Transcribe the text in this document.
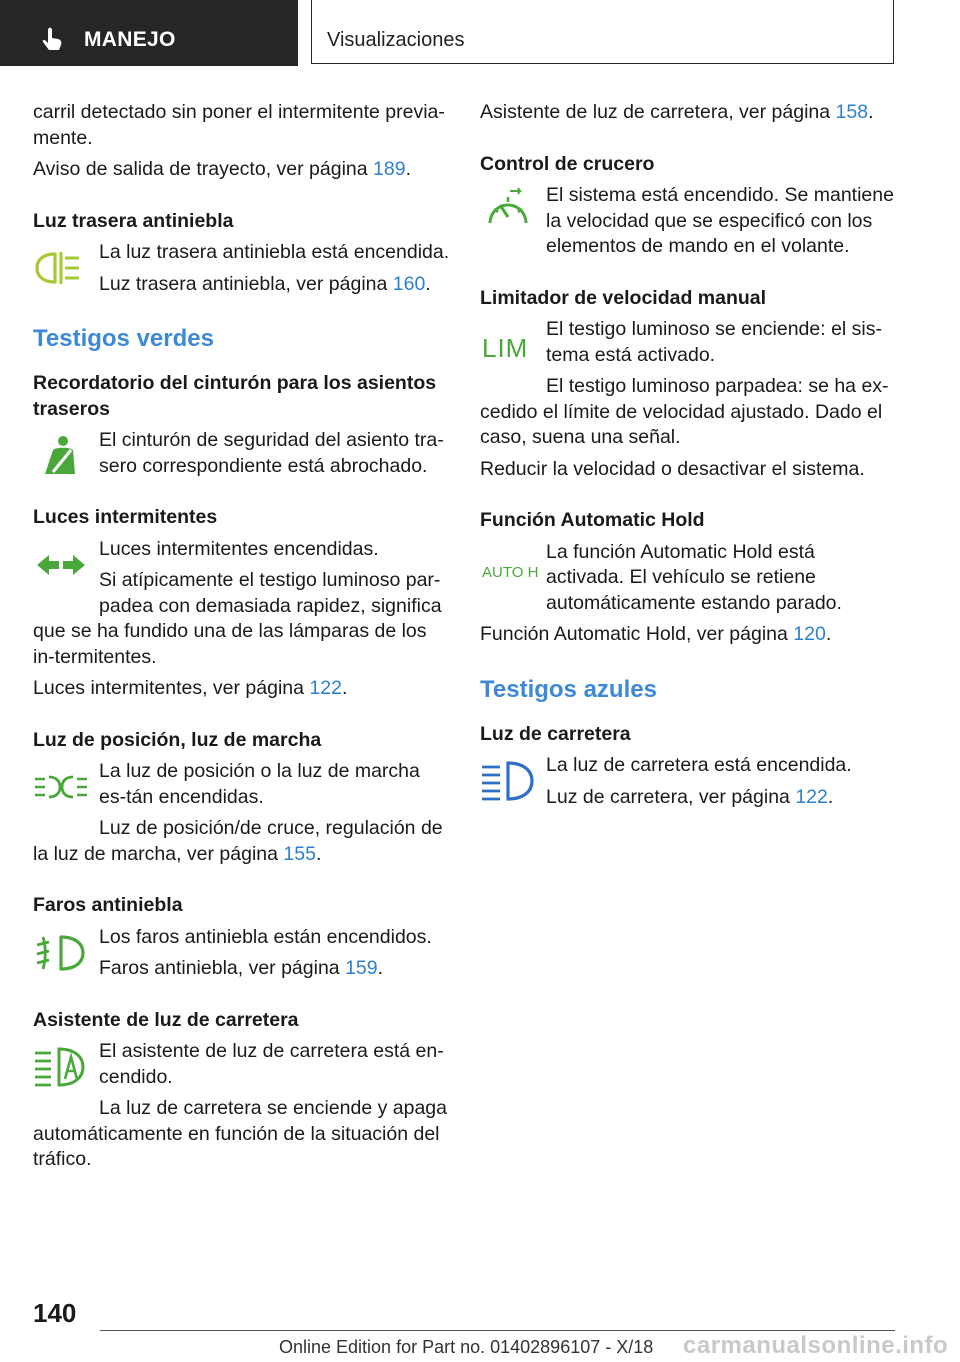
MANEJO	Visualizaciones

carril detectado sin poner el intermitente previa-mente.

Aviso de salida de trayecto, ver página 189.

Luz trasera antiniebla

La luz trasera antiniebla está encendida.

Luz trasera antiniebla, ver página 160.

Testigos verdes
Recordatorio del cinturón para los asientos traseros

El cinturón de seguridad del asiento tra-sero correspondiente está abrochado.

Luces intermitentes

Luces intermitentes encendidas.

Si atípicamente el testigo luminoso par-padea con demasiada rapidez, significa

que se ha fundido una de las lámparas de los in-termitentes.

Luces intermitentes, ver página 122.

Luz de posición, luz de marcha

La luz de posición o la luz de marcha es-tán encendidas.

Luz de posición/de cruce, regulación de

la luz de marcha, ver página 155.

Faros antiniebla

Los faros antiniebla están encendidos.

Faros antiniebla, ver página 159.

Asistente de luz de carretera

El asistente de luz de carretera está en-cendido.

La luz de carretera se enciende y apaga

automáticamente en función de la situación del tráfico.

Asistente de luz de carretera, ver página 158.

Control de crucero

El sistema está encendido. Se mantiene la velocidad que se especificó con los elementos de mando en el volante.

Limitador de velocidad manual
LIM

El testigo luminoso se enciende: el sis-tema está activado.

El testigo luminoso parpadea: se ha ex-

cedido el límite de velocidad ajustado. Dado el caso, suena una señal.

Reducir la velocidad o desactivar el sistema.

Función Automatic Hold
AUTO H

La función Automatic Hold está activada. El vehículo se retiene automáticamente estando parado.

Función Automatic Hold, ver página 120.

Testigos azules
Luz de carretera

La luz de carretera está encendida.

Luz de carretera, ver página 122.

140
Online Edition for Part no. 01402896107 - X/18 carmanualsonline.info
